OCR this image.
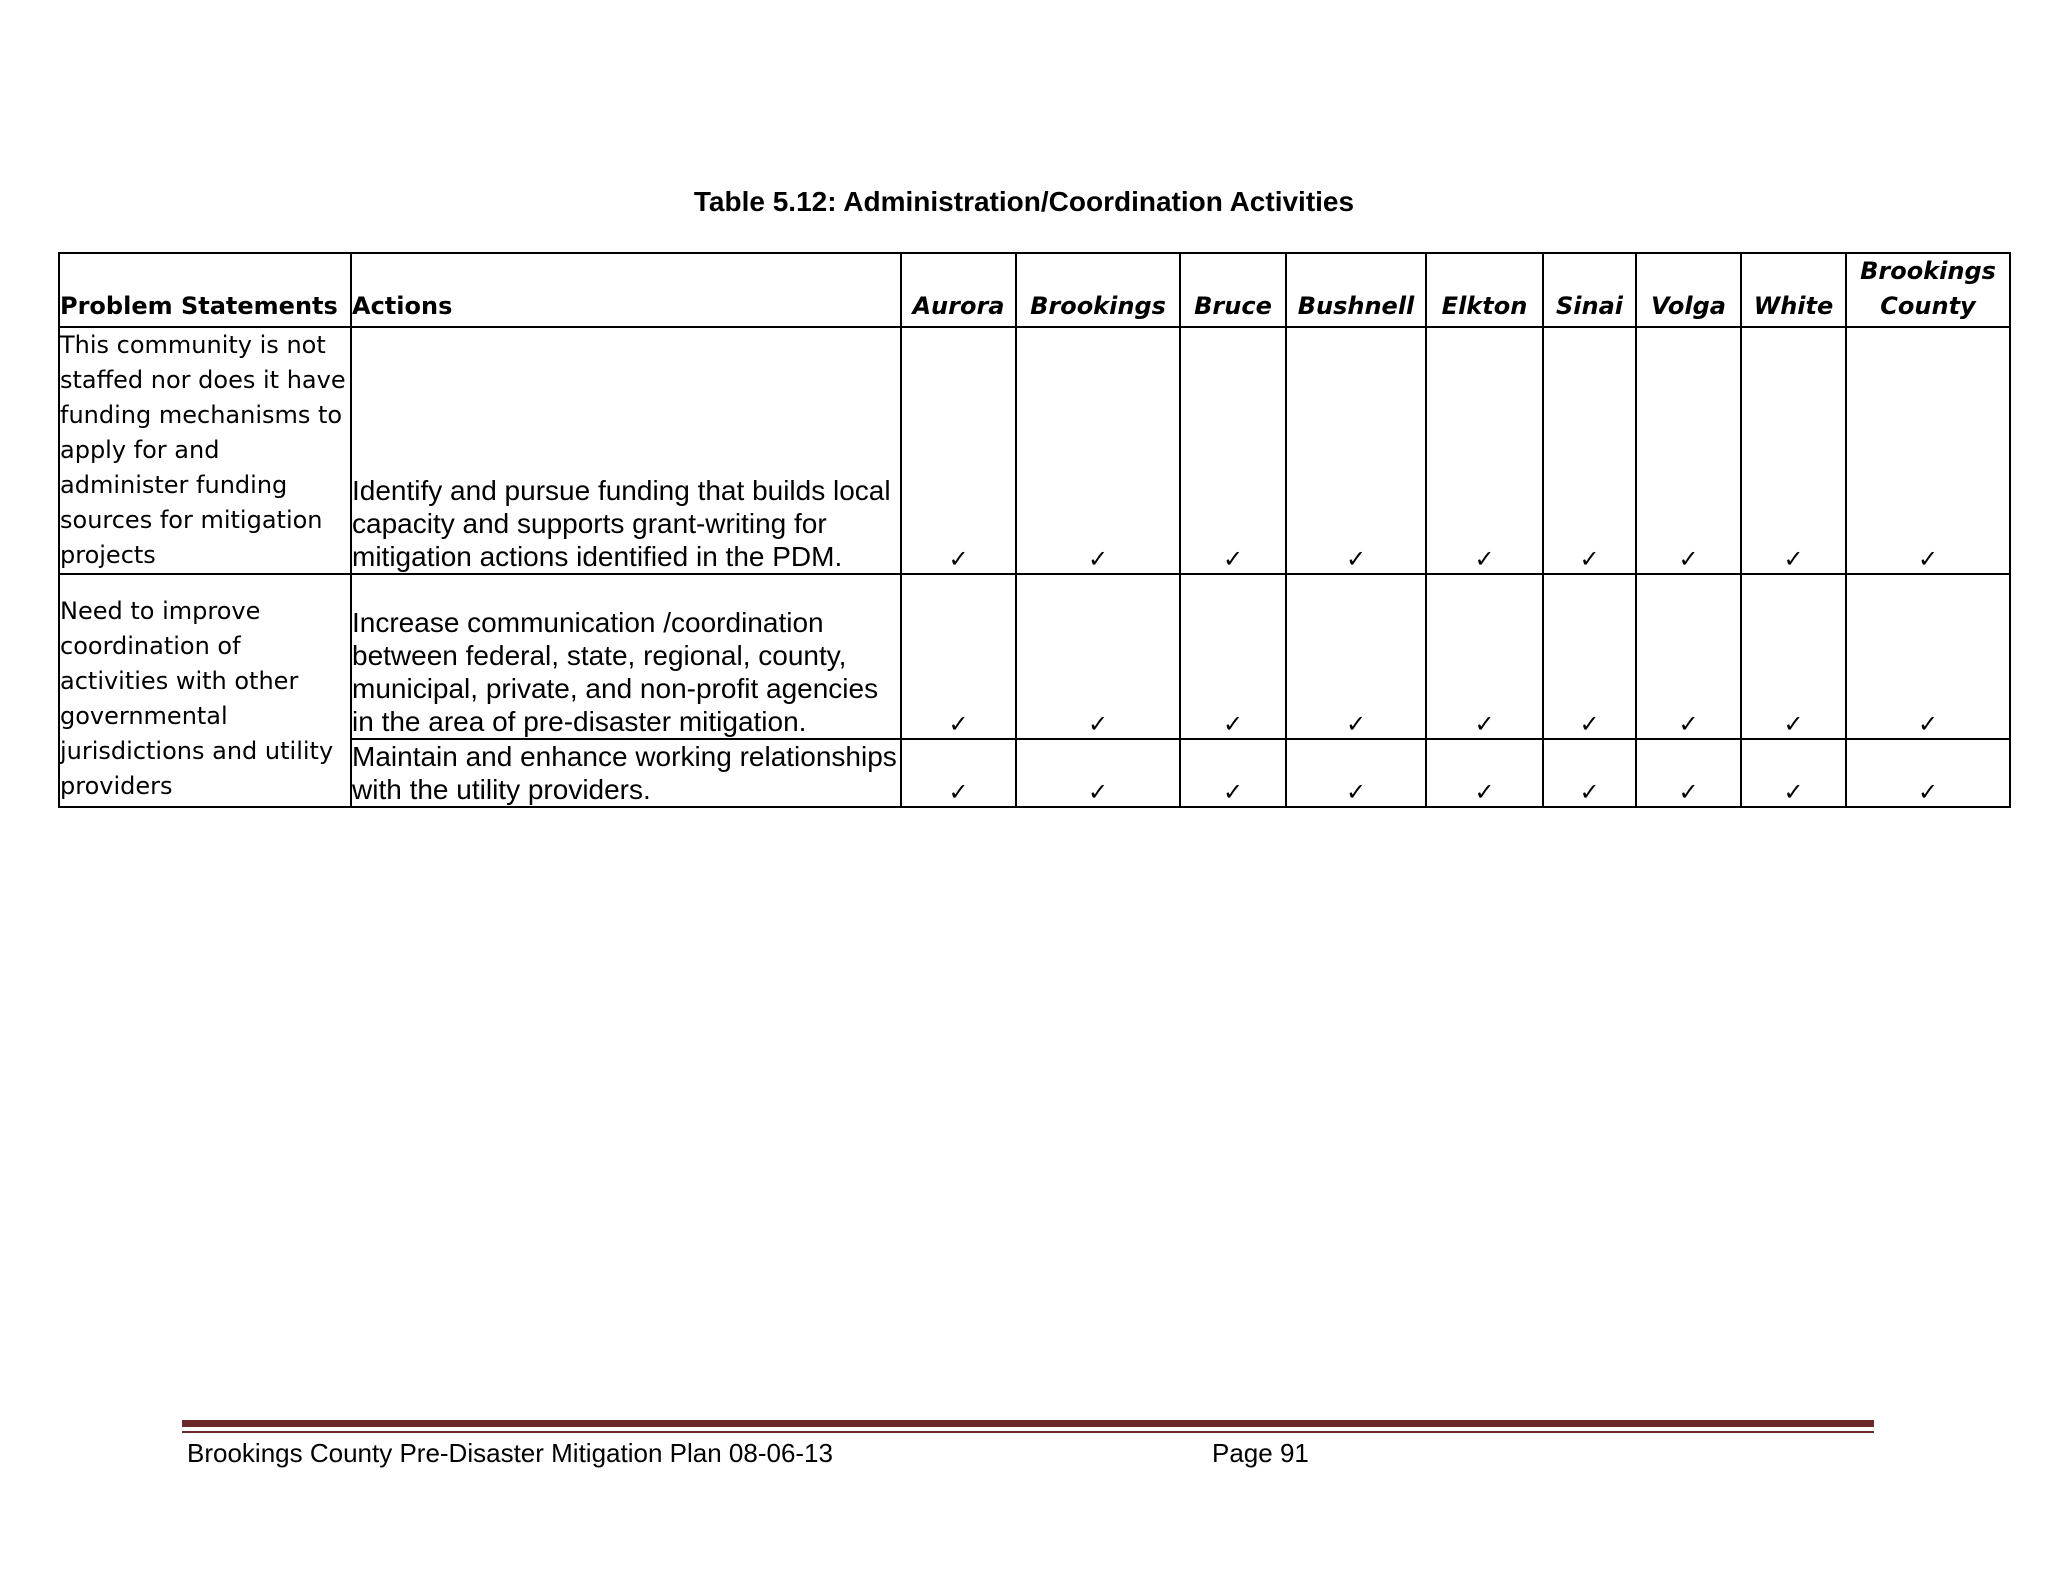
Table 5.12: Administration/Coordination Activities
Problem Statements	Actions	Aurora	Brookings	Bruce	Bushnell	Elkton	Sinai	Volga	White	Brookings County
This community is not staffed nor does it have funding mechanisms to apply for and administer funding sources for mitigation projects	Identify and pursue funding that builds local capacity and supports grant-writing for mitigation actions identified in the PDM.	✓	✓	✓	✓	✓	✓	✓	✓	✓
Need to improve coordination of activities with other governmental jurisdictions and utility providers	Increase communication /coordination between federal, state, regional, county, municipal, private, and non-profit agencies in the area of pre-disaster mitigation.	✓	✓	✓	✓	✓	✓	✓	✓	✓
	Maintain and enhance working relationships with the utility providers.	✓	✓	✓	✓	✓	✓	✓	✓	✓
Brookings County Pre-Disaster Mitigation Plan 08-06-13	Page 91
